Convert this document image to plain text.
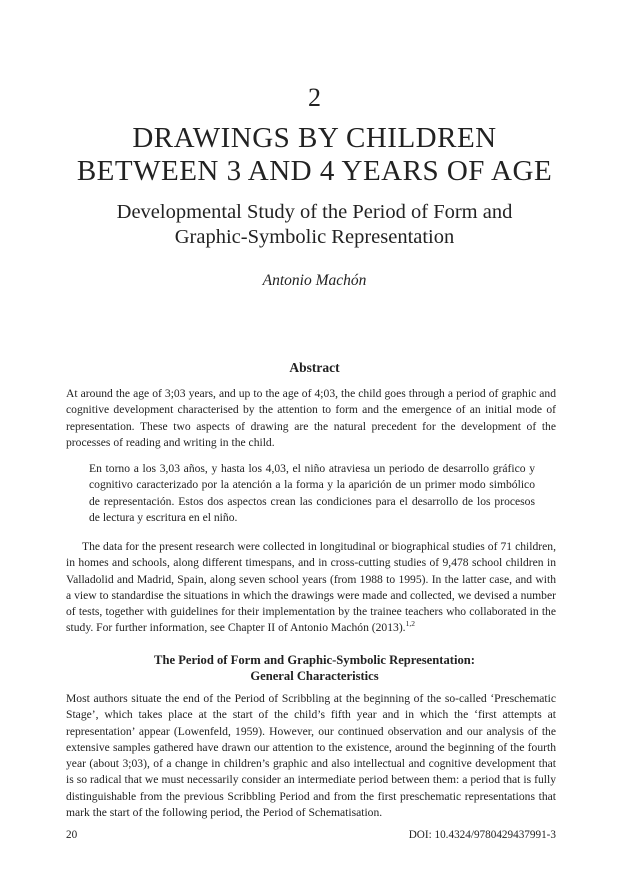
2
DRAWINGS BY CHILDREN
BETWEEN 3 AND 4 YEARS OF AGE
Developmental Study of the Period of Form and
Graphic-Symbolic Representation
Antonio Machón
Abstract

At around the age of 3;03 years, and up to the age of 4;03, the child goes through a period of graphic and cognitive development characterised by the attention to form and the emergence of an initial mode of representation. These two aspects of drawing are the natural precedent for the development of the processes of reading and writing in the child.

En torno a los 3,03 años, y hasta los 4,03, el niño atraviesa un periodo de desarrollo gráfico y cognitivo caracterizado por la atención a la forma y la aparición de un primer modo simbólico de representación. Estos dos aspectos crean las condiciones para el desarrollo de los procesos de lectura y escritura en el niño.

The data for the present research were collected in longitudinal or biographical studies of 71 children, in homes and schools, along different timespans, and in cross-cutting studies of 9,478 school children in Valladolid and Madrid, Spain, along seven school years (from 1988 to 1995). In the latter case, and with a view to standardise the situations in which the drawings were made and collected, we devised a number of tests, together with guidelines for their implementation by the trainee teachers who collaborated in the study. For further information, see Chapter II of Antonio Machón (2013).$^{1,2}$

The Period of Form and Graphic-Symbolic Representation:
General Characteristics

Most authors situate the end of the Period of Scribbling at the beginning of the so-called ‘Preschematic Stage’, which takes place at the start of the child’s fifth year and in which the ‘first attempts at representation’ appear (Lowenfeld, 1959). However, our continued observation and our analysis of the extensive samples gathered have drawn our attention to the existence, around the beginning of the fourth year (about 3;03), of a change in children’s graphic and also intellectual and cognitive development that is so radical that we must necessarily consider an intermediate period between them: a period that is fully distinguishable from the previous Scribbling Period and from the first preschematic representations that mark the start of the following period, the Period of Schematisation.

20	DOI: 10.4324/9780429437991-3
